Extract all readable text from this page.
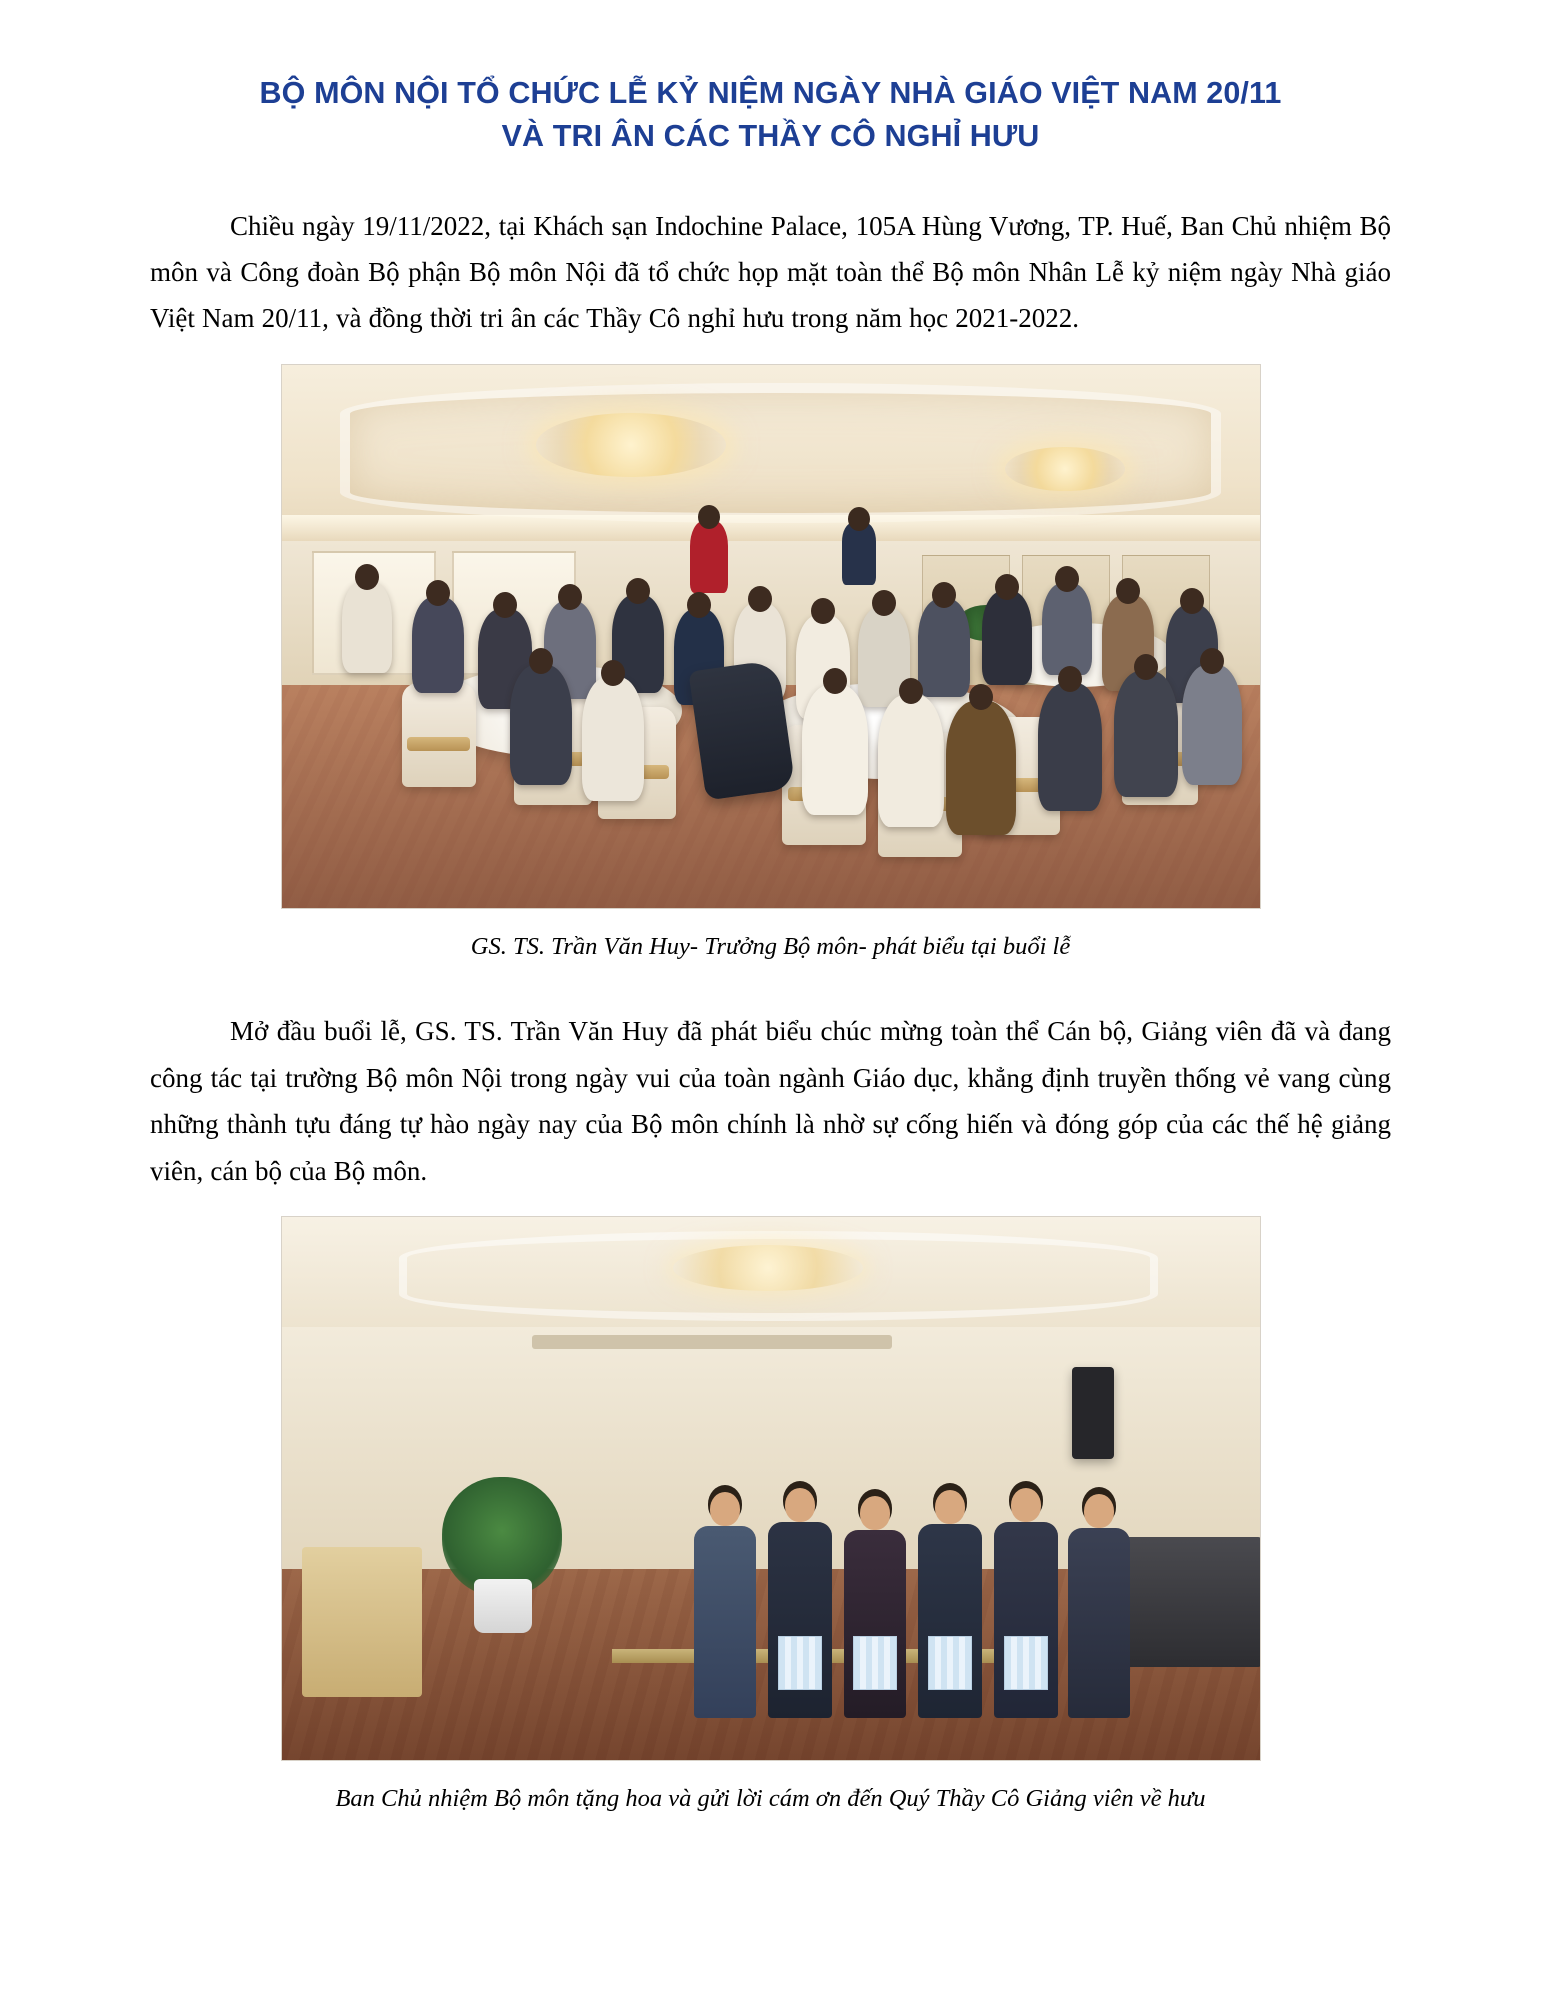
BỘ MÔN NỘI TỔ CHỨC LỄ KỶ NIỆM NGÀY NHÀ GIÁO VIỆT NAM 20/11
VÀ TRI ÂN CÁC THẦY CÔ NGHỈ HƯU

Chiều ngày 19/11/2022, tại Khách sạn Indochine Palace, 105A Hùng Vương, TP. Huế, Ban Chủ nhiệm Bộ môn và Công đoàn Bộ phận Bộ môn Nội đã tổ chức họp mặt toàn thể Bộ môn Nhân Lễ kỷ niệm ngày Nhà giáo Việt Nam 20/11, và đồng thời tri ân các Thầy Cô nghỉ hưu trong năm học 2021-2022.

GS. TS. Trần Văn Huy- Trưởng Bộ môn- phát biểu tại buổi lễ

Mở đầu buổi lễ, GS. TS. Trần Văn Huy đã phát biểu chúc mừng toàn thể Cán bộ, Giảng viên đã và đang công tác tại trường Bộ môn Nội trong ngày vui của toàn ngành Giáo dục, khẳng định truyền thống vẻ vang cùng những thành tựu đáng tự hào ngày nay của Bộ môn chính là nhờ sự cống hiến và đóng góp của các thế hệ giảng viên, cán bộ của Bộ môn.

Ban Chủ nhiệm Bộ môn tặng hoa và gửi lời cám ơn đến Quý Thầy Cô Giảng viên về hưu
